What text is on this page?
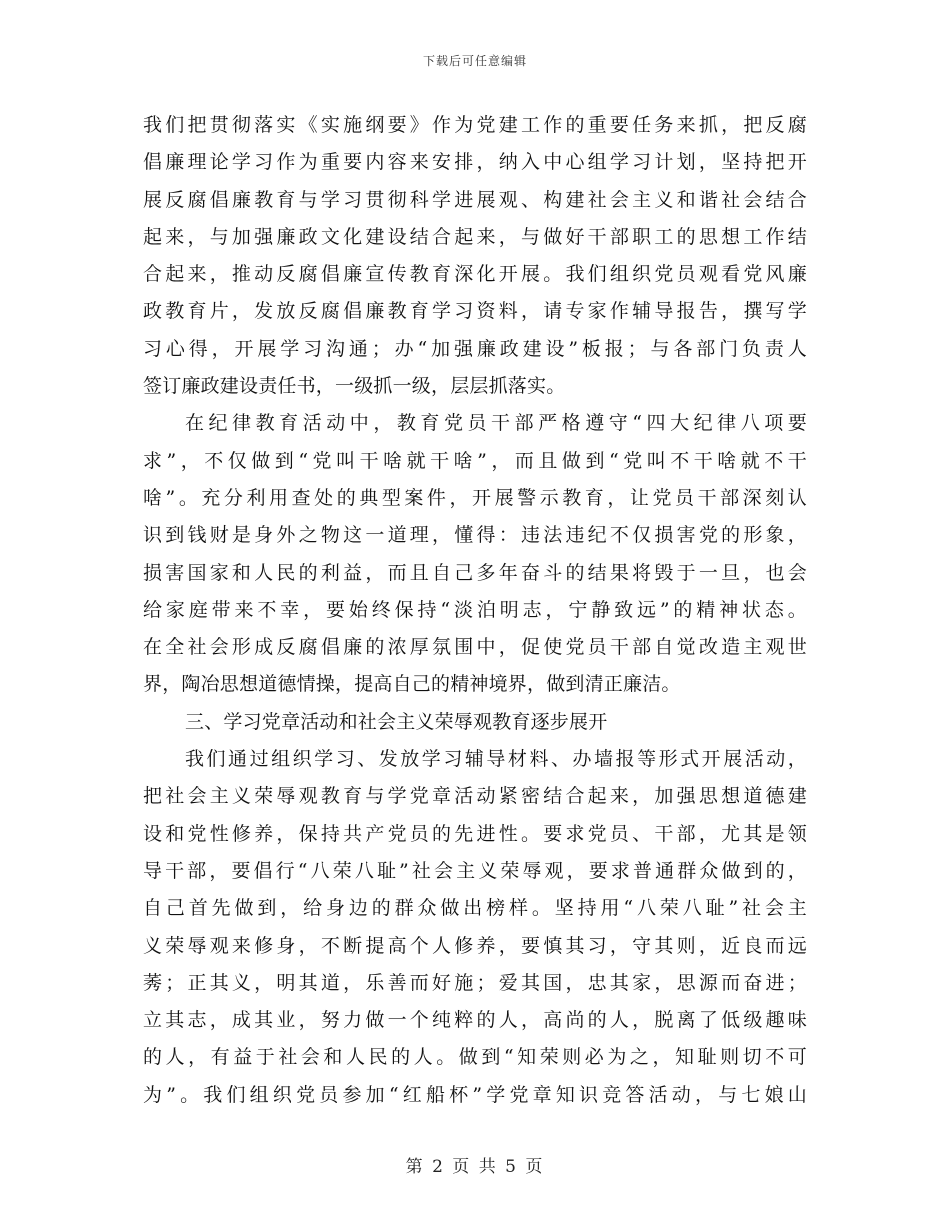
下载后可任意编辑
我们把贯彻落实《实施纲要》作为党建工作的重要任务来抓，把反腐
倡廉理论学习作为重要内容来安排，纳入中心组学习计划，坚持把开
展反腐倡廉教育与学习贯彻科学进展观、构建社会主义和谐社会结合
起来，与加强廉政文化建设结合起来，与做好干部职工的思想工作结
合起来，推动反腐倡廉宣传教育深化开展。我们组织党员观看党风廉
政教育片，发放反腐倡廉教育学习资料，请专家作辅导报告，撰写学
习心得，开展学习沟通；办“加强廉政建设”板报；与各部门负责人
签订廉政建设责任书，一级抓一级，层层抓落实。
在纪律教育活动中，教育党员干部严格遵守“四大纪律八项要
求”，不仅做到“党叫干啥就干啥”，而且做到“党叫不干啥就不干
啥”。充分利用查处的典型案件，开展警示教育，让党员干部深刻认
识到钱财是身外之物这一道理，懂得：违法违纪不仅损害党的形象，
损害国家和人民的利益，而且自己多年奋斗的结果将毁于一旦，也会
给家庭带来不幸，要始终保持“淡泊明志，宁静致远”的精神状态。
在全社会形成反腐倡廉的浓厚氛围中，促使党员干部自觉改造主观世
界，陶冶思想道德情操，提高自己的精神境界，做到清正廉洁。
三、学习党章活动和社会主义荣辱观教育逐步展开
我们通过组织学习、发放学习辅导材料、办墙报等形式开展活动，
把社会主义荣辱观教育与学党章活动紧密结合起来，加强思想道德建
设和党性修养，保持共产党员的先进性。要求党员、干部，尤其是领
导干部，要倡行“八荣八耻”社会主义荣辱观，要求普通群众做到的，
自己首先做到，给身边的群众做出榜样。坚持用“八荣八耻”社会主
义荣辱观来修身，不断提高个人修养，要慎其习，守其则，近良而远
莠；正其义，明其道，乐善而好施；爱其国，忠其家，思源而奋进；
立其志，成其业，努力做一个纯粹的人，高尚的人，脱离了低级趣味
的人，有益于社会和人民的人。做到“知荣则必为之，知耻则切不可
为”。我们组织党员参加“红船杯”学党章知识竞答活动，与七娘山
第 2 页 共 5 页
